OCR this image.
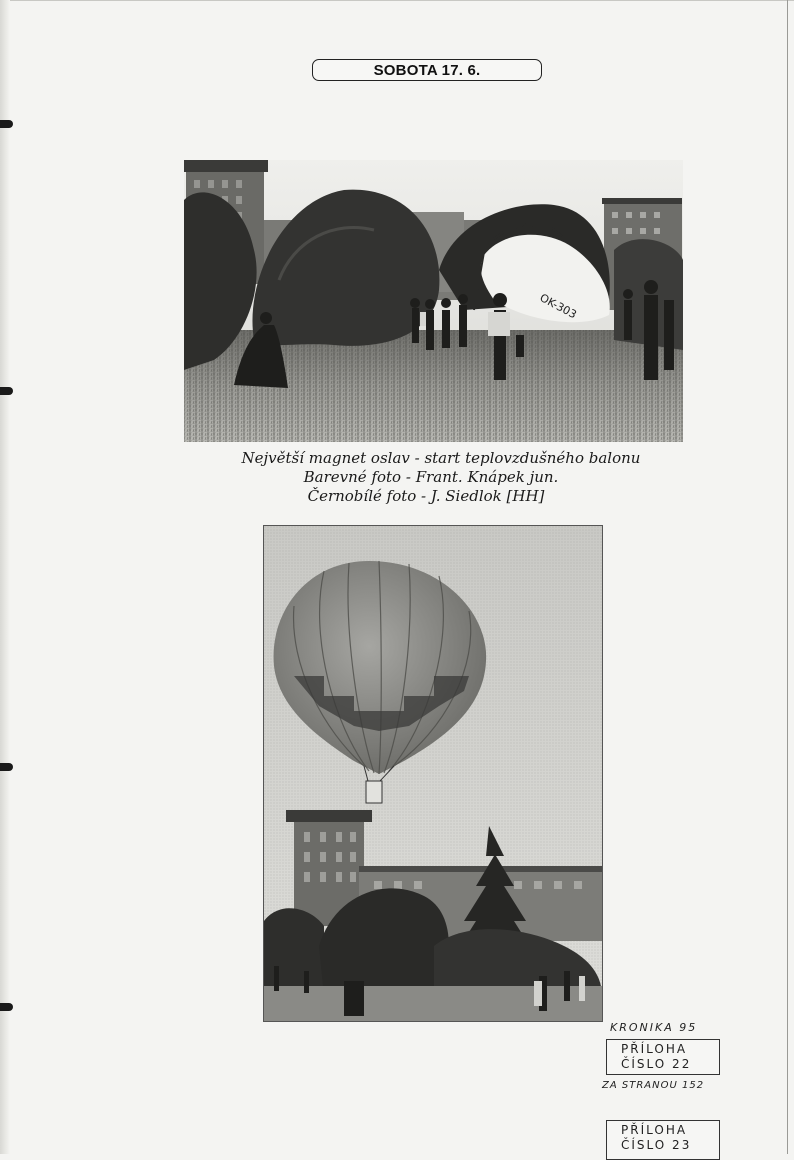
SOBOTA 17. 6.
OK-303
Největší magnet oslav - start teplovzdušného balonu
Barevné foto - Frant. Knápek jun.
Černobílé foto - J. Siedlok [HH]
KRONIKA 95
PŘÍLOHA
ČÍSLO 22
ZA STRANOU 152
PŘÍLOHA
ČÍSLO 23
